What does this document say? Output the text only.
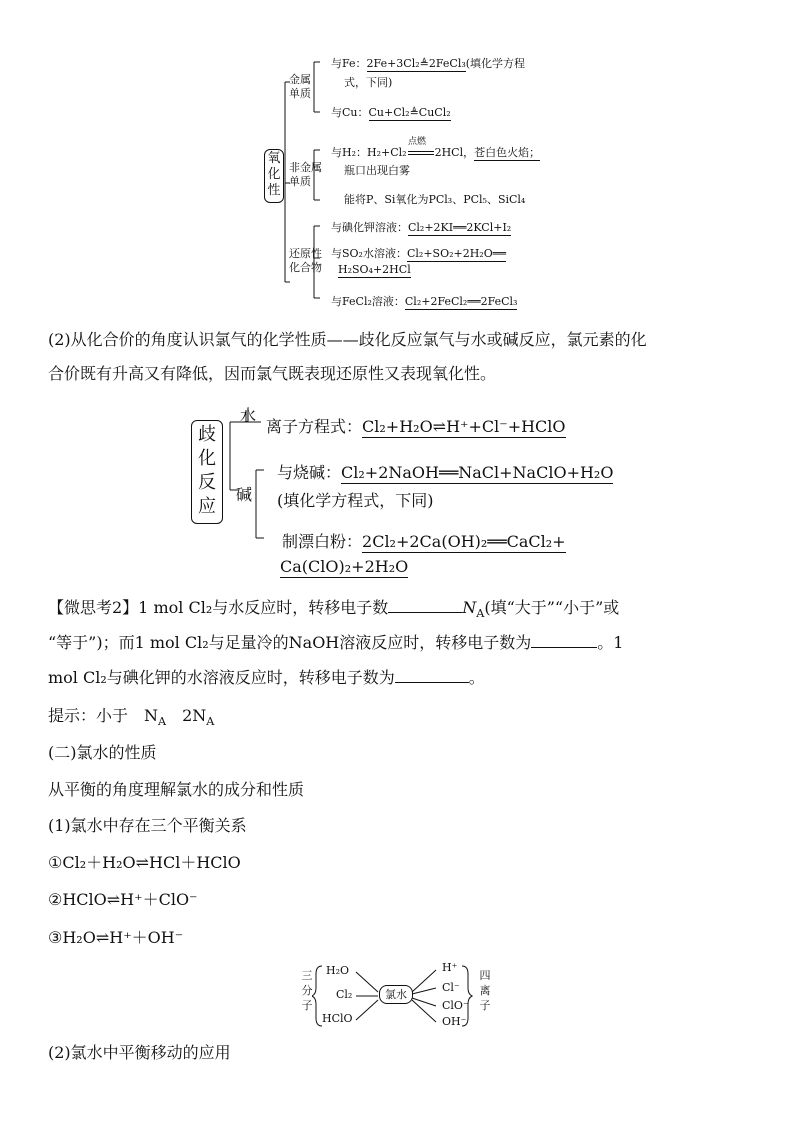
氧化性
金属单质
非金属单质
还原性化合物
与Fe：2Fe+3Cl₂≜2FeCl₃(填化学方程
式，下同)
与Cu：Cu+Cl₂≜CuCl₂
点燃
与H₂：H₂+Cl₂	2HCl，苍白色火焰；
瓶口出现白雾
能将P、Si氧化为PCl₃、PCl₅、SiCl₄
与碘化钾溶液：Cl₂+2KI══2KCl+I₂
与SO₂水溶液：Cl₂+SO₂+2H₂O══
H₂SO₄+2HCl
与FeCl₂溶液：Cl₂+2FeCl₂══2FeCl₃
(2)从化合价的角度认识氯气的化学性质——歧化反应氯气与水或碱反应，氯元素的化
合价既有升高又有降低，因而氯气既表现还原性又表现氧化性。
歧化反应
水
离子方程式：Cl₂+H₂O⇌H⁺+Cl⁻+HClO
碱
与烧碱：Cl₂+2NaOH══NaCl+NaClO+H₂O
(填化学方程式，下同)
制漂白粉：2Cl₂+2Ca(OH)₂══CaCl₂+
Ca(ClO)₂+2H₂O
【微思考2】1 mol Cl₂与水反应时，转移电子数	$N_A$(填“大于”“小于”或
“等于”)；而1 mol Cl₂与足量冷的NaOH溶液反应时，转移电子数为	。1
mol Cl₂与碘化钾的水溶液反应时，转移电子数为	。
提示：小于　$N_A$　$2N_A$
(二)氯水的性质
从平衡的角度理解氯水的成分和性质
(1)氯水中存在三个平衡关系
①Cl₂＋H₂O⇌HCl＋HClO
②HClO⇌H⁺＋ClO⁻
③H₂O⇌H⁺＋OH⁻
三分子
H₂O
Cl₂
HClO
氯水
H⁺
Cl⁻
ClO⁻
OH⁻
四离子
(2)氯水中平衡移动的应用
